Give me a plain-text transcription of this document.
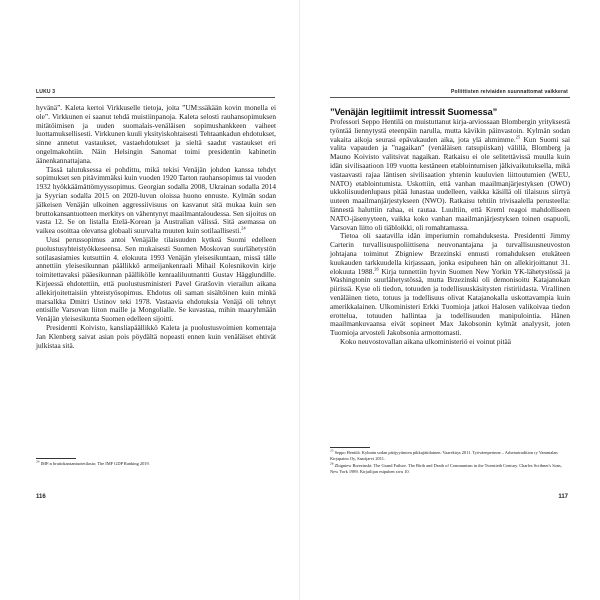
LUKU 3

hyvänä”. Kaleta kertoi Virkkuselle tietoja, joita ”UM:ssäkään kovin monella ei ole”. Virkkunen ei saanut tehdä muistiinpanoja. Kaleta selosti rauhansopimuksen mitätöimisen ja uuden suomalais-venäläisen sopimushankkeen vaiheet luottamuksellisesti. Virkkunen kuuli yksityiskohtaisesti Tehtaankadun ehdotukset, sinne annetut vastaukset, vastaehdotukset ja sieltä saadut vastaukset eri ongelmakohtiin. Näin Helsingin Sanomat toimi presidentin kabinetin äänenkannattajana.

Tässä talutuksessa ei pohdittu, mikä tekisi Venäjän johdon kanssa tehdyt sopimukset sen pitävimmäksi kuin vuoden 1920 Tarton rauhansopimus tai vuoden 1932 hyökkäämättömyyssopimus. Georgian sodalla 2008, Ukrainan sodalla 2014 ja Syyrian sodalla 2015 on 2020-luvun oloissa huono ennuste. Kylmän sodan jälkeisen Venäjän ulkoinen aggressiivisuus on kasvanut sitä mukaa kuin sen bruttokansantuotteen merkitys on vähentynyt maailmantaloudessa. Sen sijoitus on vasta 12. Se on listalla Etelä-Korean ja Australian välissä. Sitä asemassa on vaikea osoittaa olevansa globaali suurvalta muuten kuin sotilaallisesti.$^{24}$

Uusi perussopimus antoi Venäjälle tilaisuuden kytkeä Suomi edelleen puolustusyhteistyökkeseensa. Sen mukaisesti Suomen Moskovan suurlähetystön sotilasasiamies kutsuttiin 4. elokuuta 1993 Venäjän yleisesikuntaan, missä tälle annettiin yleisesikunnan päällikkö armeijankenraali Mihail Kolesnikovin kirje toimitettavaksi pääesikunnan päällikölle kenraaliluutnantti Gustav Hägglundille. Kirjeessä ehdotettiin, että puolustusministeri Pavel Gratšovin vierailun aikana allekirjoitettaisiin yhteistyösopimus. Ehdotus oli saman sisältöinen kuin minkä marsalkka Dmitri Ustinov teki 1978. Vastaavia ehdotuksia Venäjä oli tehnyt entisille Varsovan liiton maille ja Mongolialle. Se kuvastaa, mihin maaryhmään Venäjän yleisesikunta Suomen edelleen sijoitti.

Presidentti Koivisto, kansliapäällikkö Kaleta ja puolustusvoimien komentaja Jan Klenberg saivat asian pois pöydältä nopeasti ennen kuin venäläiset ehtivät julkistaa sitä.

$^{24}$ IMF:n bruttokansantuotetilasto; The IMF GDP Ranking 2019.

116
Poliittisten reiviaiden suunnattomat vaikkerat
”Venäjän legitiimit intressit Suomessa”

Professori Seppo Hentilä on muistuttanut kirja-arviossaan Blombergin yrityksestä työntää liennytystä eteenpäin narulla, mutta kävikin päinvastoin. Kylmän sodan vakaita aikoja seurasi epävakauden aika, jota ylä ahmimme.$^{25}$ Kun Suomi sai valita vapauden ja ”nagaikan” (venäläisen ratsupiiskan) välillä, Blomberg ja Mauno Koivisto valitsivat nagaikan. Ratkaisu ei ole selitettävissä muulla kuin idän sivilisaatioon 109 vuotta kestäneen etablointumisen jälkivaikutuksella, mikä vastaavasti rajaa läntisen sivilisaation yhtenin kuuluvien liittoutumien (WEU, NATO) etablointumista. Uskottiin, että vanhan maailmanjärjestyksen (OWO) ukkoliisuudenlupaus pitää lunastaa uudelleen, vaikka käsillä oli tilaisuus siirtyä uuteen maailmanjärjestykseen (NWO). Ratkaisu tehtiin trivisaalella perusteella: lännestä haluttiin rahaa, ei rautaa. Luultiin, että Kreml reagoi mahdolliseen NATO-jäsenyyteen, vaikka koko vanhan maailmanjärjestyksen toinen osapuoli, Varsovan liitto oli tiäbloikki, oli romahtamassa.

Tietoa oli saatavilla idän imperiumin romahduksesta. Presidentti Jimmy Carterin turvallisuuspoliittisena neuvonantajana ja turvallisuusneuvoston johtajana toiminut Zbigniew Brzezinski ennusti romahduksen etukäteen kuukauden tarkkuudella kirjassaan, jonka esipuheen hän on allekirjoittanut 31. elokuuta 1988.26 Kirja tunnettiin hyvin Suomen New Yorkin YK-lähetystössä ja Washingtonin suurlähetystössä, mutta Brzezinski oli demonisoitu Katajanokan piirissä. Kyse oli tiedon, totuuden ja todellisuuskäsitysten ristiriidasta. Virallinen venäläinen tieto, totuus ja todellisuus olivat Katajanokalla uskottavampia kuin amerikkalainen. Ulkoministeri Erkki Tuomioja jatkoi Halosen valikoivaa tiedon erottelua, totuuden hallintaa ja todellisuuden manipulointia. Hänen maailmankuvaansa eivät sopineet Max Jakobsonin kylmät analyysit, joten Tuomioja arvosteli Jakobsonia armottomasti.

Koko neuvostovallan aikana ulkoministeriö ei voinut pitää

$^{25}$ Seppo Hentilä. Kylmän sodan pätijyyttmien pikkujättilainen. Vaarekirja 2011. Työväenperinne – Arbetartradition ry Vammalan Kirjapaino Oy, Saarijarvi 2011.

$^{26}$ Zbigniew Brzezinski: The Grand Failure. The Birth and Death of Communism in the Twentieth Century. Charles Scribner's Sons, New York 1989. Kirjailijan esipuhen sivu 10.

117
